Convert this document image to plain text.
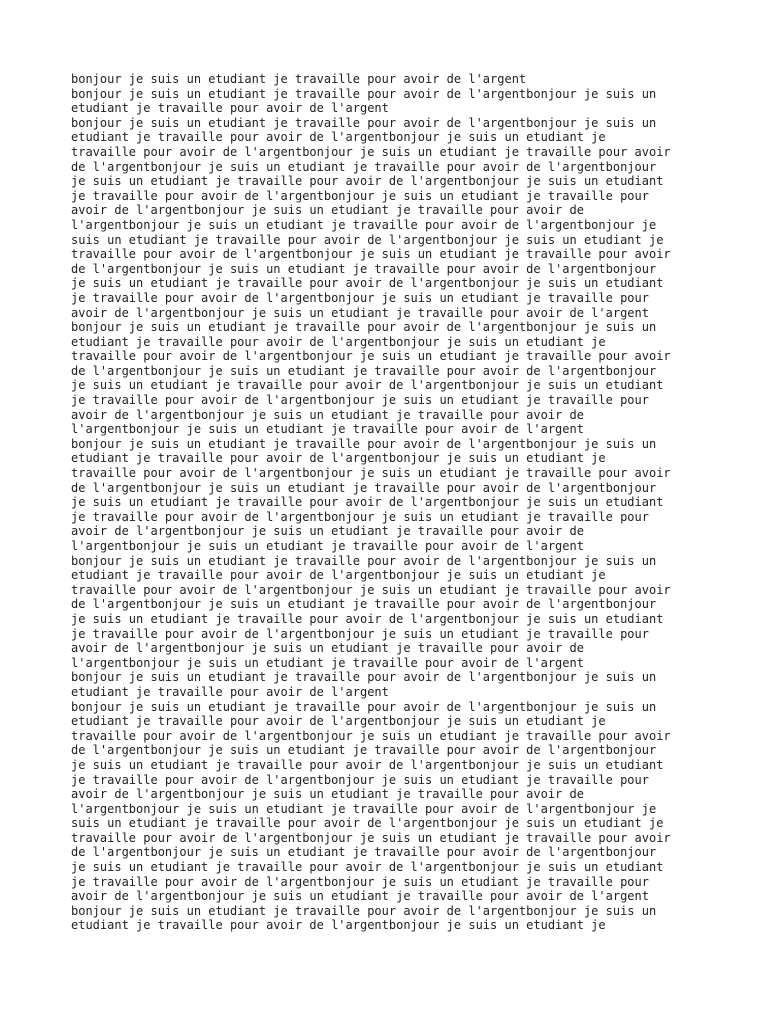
bonjour je suis un etudiant je travaille pour avoir de l'argent
bonjour je suis un etudiant je travaille pour avoir de l'argentbonjour je suis un
etudiant je travaille pour avoir de l'argent
bonjour je suis un etudiant je travaille pour avoir de l'argentbonjour je suis un
etudiant je travaille pour avoir de l'argentbonjour je suis un etudiant je
travaille pour avoir de l'argentbonjour je suis un etudiant je travaille pour avoir
de l'argentbonjour je suis un etudiant je travaille pour avoir de l'argentbonjour
je suis un etudiant je travaille pour avoir de l'argentbonjour je suis un etudiant
je travaille pour avoir de l'argentbonjour je suis un etudiant je travaille pour
avoir de l'argentbonjour je suis un etudiant je travaille pour avoir de
l'argentbonjour je suis un etudiant je travaille pour avoir de l'argentbonjour je
suis un etudiant je travaille pour avoir de l'argentbonjour je suis un etudiant je
travaille pour avoir de l'argentbonjour je suis un etudiant je travaille pour avoir
de l'argentbonjour je suis un etudiant je travaille pour avoir de l'argentbonjour
je suis un etudiant je travaille pour avoir de l'argentbonjour je suis un etudiant
je travaille pour avoir de l'argentbonjour je suis un etudiant je travaille pour
avoir de l'argentbonjour je suis un etudiant je travaille pour avoir de l'argent
bonjour je suis un etudiant je travaille pour avoir de l'argentbonjour je suis un
etudiant je travaille pour avoir de l'argentbonjour je suis un etudiant je
travaille pour avoir de l'argentbonjour je suis un etudiant je travaille pour avoir
de l'argentbonjour je suis un etudiant je travaille pour avoir de l'argentbonjour
je suis un etudiant je travaille pour avoir de l'argentbonjour je suis un etudiant
je travaille pour avoir de l'argentbonjour je suis un etudiant je travaille pour
avoir de l'argentbonjour je suis un etudiant je travaille pour avoir de
l'argentbonjour je suis un etudiant je travaille pour avoir de l'argent
bonjour je suis un etudiant je travaille pour avoir de l'argentbonjour je suis un
etudiant je travaille pour avoir de l'argentbonjour je suis un etudiant je
travaille pour avoir de l'argentbonjour je suis un etudiant je travaille pour avoir
de l'argentbonjour je suis un etudiant je travaille pour avoir de l'argentbonjour
je suis un etudiant je travaille pour avoir de l'argentbonjour je suis un etudiant
je travaille pour avoir de l'argentbonjour je suis un etudiant je travaille pour
avoir de l'argentbonjour je suis un etudiant je travaille pour avoir de
l'argentbonjour je suis un etudiant je travaille pour avoir de l'argent
bonjour je suis un etudiant je travaille pour avoir de l'argentbonjour je suis un
etudiant je travaille pour avoir de l'argentbonjour je suis un etudiant je
travaille pour avoir de l'argentbonjour je suis un etudiant je travaille pour avoir
de l'argentbonjour je suis un etudiant je travaille pour avoir de l'argentbonjour
je suis un etudiant je travaille pour avoir de l'argentbonjour je suis un etudiant
je travaille pour avoir de l'argentbonjour je suis un etudiant je travaille pour
avoir de l'argentbonjour je suis un etudiant je travaille pour avoir de
l'argentbonjour je suis un etudiant je travaille pour avoir de l'argent
bonjour je suis un etudiant je travaille pour avoir de l'argentbonjour je suis un
etudiant je travaille pour avoir de l'argent
bonjour je suis un etudiant je travaille pour avoir de l'argentbonjour je suis un
etudiant je travaille pour avoir de l'argentbonjour je suis un etudiant je
travaille pour avoir de l'argentbonjour je suis un etudiant je travaille pour avoir
de l'argentbonjour je suis un etudiant je travaille pour avoir de l'argentbonjour
je suis un etudiant je travaille pour avoir de l'argentbonjour je suis un etudiant
je travaille pour avoir de l'argentbonjour je suis un etudiant je travaille pour
avoir de l'argentbonjour je suis un etudiant je travaille pour avoir de
l'argentbonjour je suis un etudiant je travaille pour avoir de l'argentbonjour je
suis un etudiant je travaille pour avoir de l'argentbonjour je suis un etudiant je
travaille pour avoir de l'argentbonjour je suis un etudiant je travaille pour avoir
de l'argentbonjour je suis un etudiant je travaille pour avoir de l'argentbonjour
je suis un etudiant je travaille pour avoir de l'argentbonjour je suis un etudiant
je travaille pour avoir de l'argentbonjour je suis un etudiant je travaille pour
avoir de l'argentbonjour je suis un etudiant je travaille pour avoir de l'argent
bonjour je suis un etudiant je travaille pour avoir de l'argentbonjour je suis un
etudiant je travaille pour avoir de l'argentbonjour je suis un etudiant je
